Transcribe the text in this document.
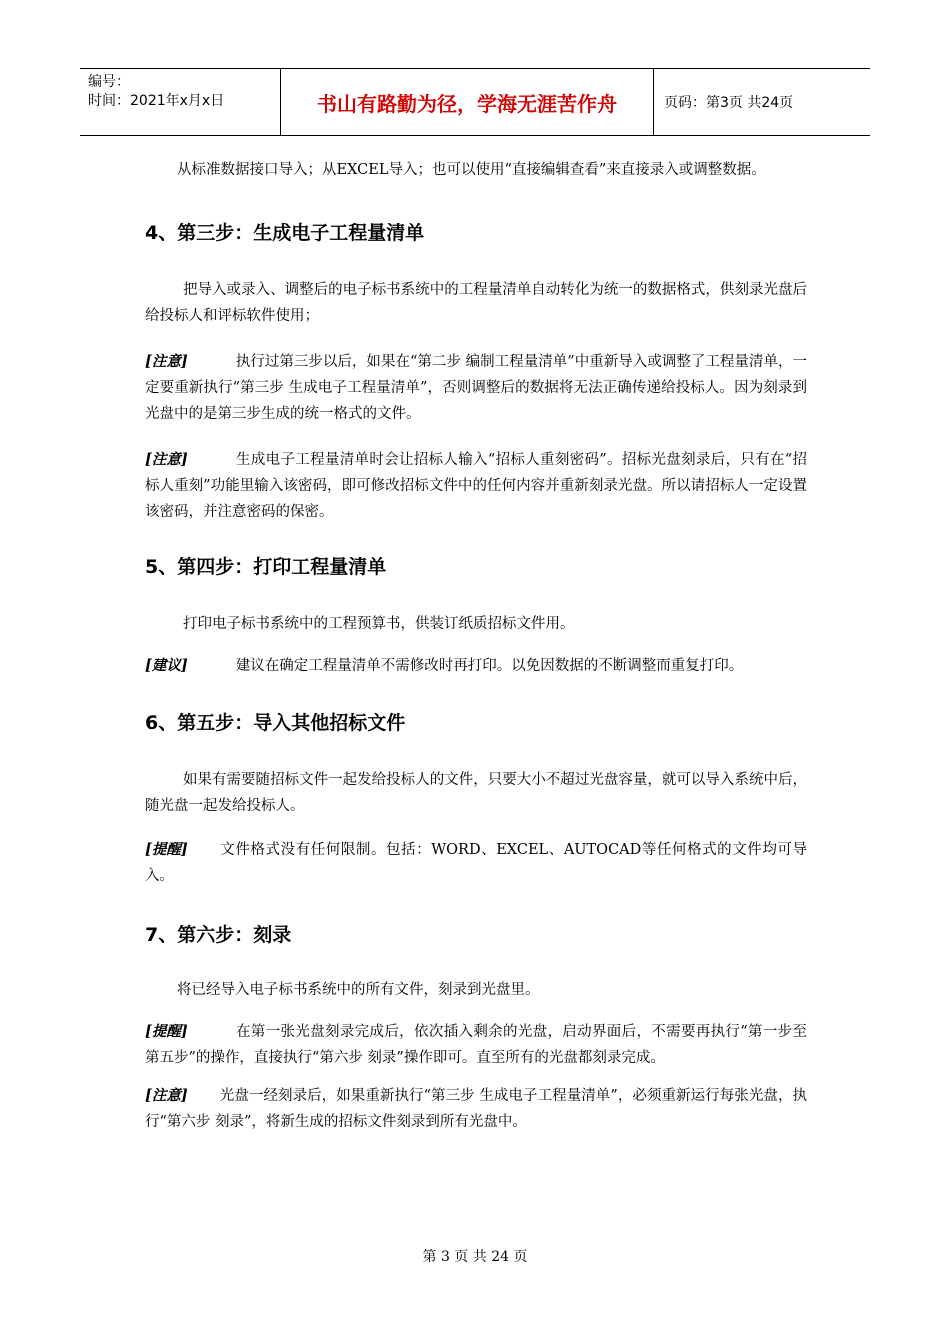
编号：
时间：2021年x月x日	书山有路勤为径，学海无涯苦作舟	页码：第3页 共24页

从标准数据接口导入；从EXCEL导入；也可以使用“直接编辑查看”来直接录入或调整数据。

4、第三步：生成电子工程量清单

把导入或录入、调整后的电子标书系统中的工程量清单自动转化为统一的数据格式，供刻录光盘后给投标人和评标软件使用；

[注意]	执行过第三步以后，如果在“第二步 编制工程量清单”中重新导入或调整了工程量清单，一定要重新执行“第三步 生成电子工程量清单”，否则调整后的数据将无法正确传递给投标人。因为刻录到光盘中的是第三步生成的统一格式的文件。

[注意]	生成电子工程量清单时会让招标人输入“招标人重刻密码”。招标光盘刻录后，只有在“招标人重刻”功能里输入该密码，即可修改招标文件中的任何内容并重新刻录光盘。所以请招标人一定设置该密码，并注意密码的保密。

5、第四步：打印工程量清单

打印电子标书系统中的工程预算书，供装订纸质招标文件用。

[建议]	建议在确定工程量清单不需修改时再打印。以免因数据的不断调整而重复打印。

6、第五步：导入其他招标文件

如果有需要随招标文件一起发给投标人的文件，只要大小不超过光盘容量，就可以导入系统中后，随光盘一起发给投标人。

[提醒] 文件格式没有任何限制。包括：WORD、EXCEL、AUTOCAD等任何格式的文件均可导入。

7、第六步：刻录

将已经导入电子标书系统中的所有文件，刻录到光盘里。

[提醒]	在第一张光盘刻录完成后，依次插入剩余的光盘，启动界面后，不需要再执行“第一步至第五步”的操作，直接执行“第六步 刻录”操作即可。直至所有的光盘都刻录完成。

[注意] 光盘一经刻录后，如果重新执行“第三步 生成电子工程量清单”，必须重新运行每张光盘，执行“第六步 刻录”，将新生成的招标文件刻录到所有光盘中。

第 3 页 共 24 页
